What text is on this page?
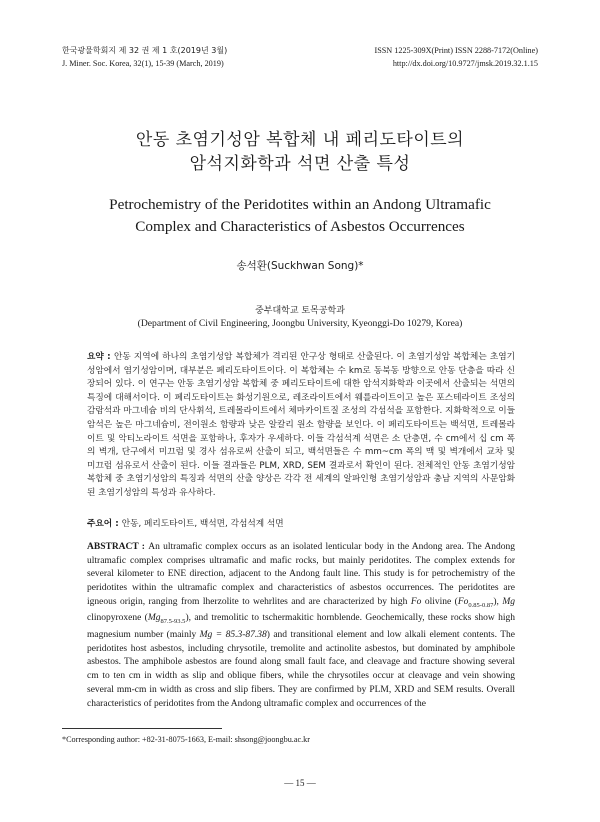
한국광물학회지 제 32 권 제 1 호(2019년 3월)
J. Miner. Soc. Korea, 32(1), 15-39 (March, 2019)
ISSN 1225-309X(Print) ISSN 2288-7172(Online)
http://dx.doi.org/10.9727/jmsk.2019.32.1.15
안동 초염기성암 복합체 내 페리도타이트의
암석지화학과 석면 산출 특성
Petrochemistry of the Peridotites within an Andong Ultramafic
Complex and Characteristics of Asbestos Occurrences
송석환(Suckhwan Song)*
중부대학교 토목공학과
(Department of Civil Engineering, Joongbu University, Kyeonggi-Do 10279, Korea)
요약 : 안동 지역에 하나의 초염기성암 복합체가 격리된 안구상 형태로 산출된다. 이 초염기성암 복합체는 초염기성암에서 염기성암이며, 대부분은 페리도타이트이다. 이 복합체는 수 km로 동북동 방향으로 안동 단층을 따라 신장되어 있다. 이 연구는 안동 초염기성암 복합체 중 페리도타이트에 대한 암석지화학과 이곳에서 산출되는 석면의 특징에 대해서이다. 이 페리도타이트는 화성기원으로, 레조라이트에서 웨를라이트이고 높은 포스테라이트 조성의 감람석과 마그네슘 비의 단사휘석, 트레몰라이트에서 체마카이트질 조성의 각섬석을 포함한다. 지화학적으로 이들 암석은 높은 마그네슘비, 전이원소 함량과 낮은 알칼리 원소 함량을 보인다. 이 페리도타이트는 백석면, 트레몰라이트 및 악티노라이트 석면을 포함하나, 후자가 우세하다. 이들 각섬석계 석면은 소 단층면, 수 cm에서 십 cm 폭의 벽개, 단구에서 미끄럼 및 경사 섬유로써 산출이 되고, 백석면들은 수 mm~cm 폭의 맥 및 벽개에서 교차 및 미끄럼 섬유로서 산출이 된다. 이들 결과들은 PLM, XRD, SEM 결과로서 확인이 된다. 전체적인 안동 초염기성암 복합체 중 초염기성암의 특징과 석면의 산출 양상은 각각 전 세계의 알파인형 초염기성암과 충남 지역의 사문암화된 초염기성암의 특성과 유사하다.
주요어 : 안동, 페리도타이트, 백석면, 각섬석계 석면
ABSTRACT : An ultramafic complex occurs as an isolated lenticular body in the Andong area. The Andong ultramafic complex comprises ultramafic and mafic rocks, but mainly peridotites. The complex extends for several kilometer to ENE direction, adjacent to the Andong fault line. This study is for petrochemistry of the peridotites within the ultramafic complex and characteristics of asbestos occurrences. The peridotites are igneous origin, ranging from lherzolite to wehrlites and are characterized by high Fo olivine $(Fo_{0.85-0.87})$, Mg clinopyroxene $(Mg_{87.5-93.5})$, and tremolitic to tschermakitic hornblende. Geochemically, these rocks show high magnesium number (mainly Mg = 85.3-87.38) and transitional element and low alkali element contents. The peridotites host asbestos, including chrysotile, tremolite and actinolite asbestos, but dominated by amphibole asbestos. The amphibole asbestos are found along small fault face, and cleavage and fracture showing several cm to ten cm in width as slip and oblique fibers, while the chrysotiles occur at cleavage and vein showing several mm-cm in width as cross and slip fibers. They are confirmed by PLM, XRD and SEM results. Overall characteristics of peridotites from the Andong ultramafic complex and occurrences of the
*Corresponding author: +82-31-8075-1663, E-mail: shsong@joongbu.ac.kr
— 15 —
